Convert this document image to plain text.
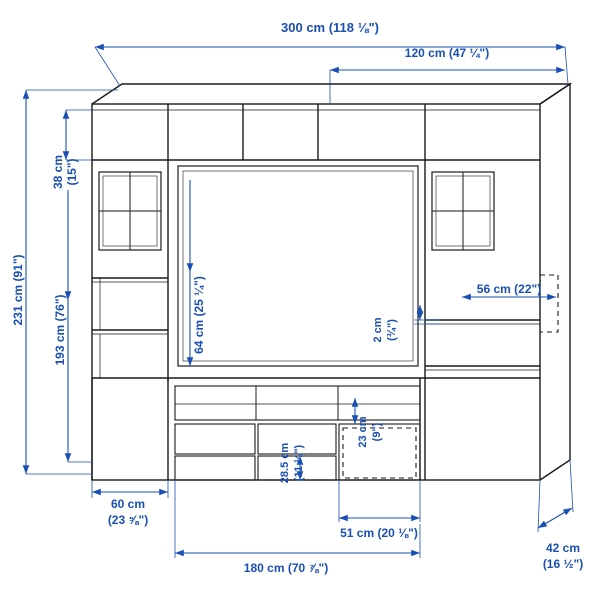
300 cm (118 ⅛")
120 cm (47 ¼")
38 cm (15")
231 cm (91")
193 cm (76")	64 cm (25 ¼")	2 cm (¾")
56 cm (22")
23 cm (9")
28.5 cm (11 ¼")
60 cm
(23 ⅝")
51 cm (20 ⅛")
180 cm (70 ⅞")
42 cm
(16 ½")
